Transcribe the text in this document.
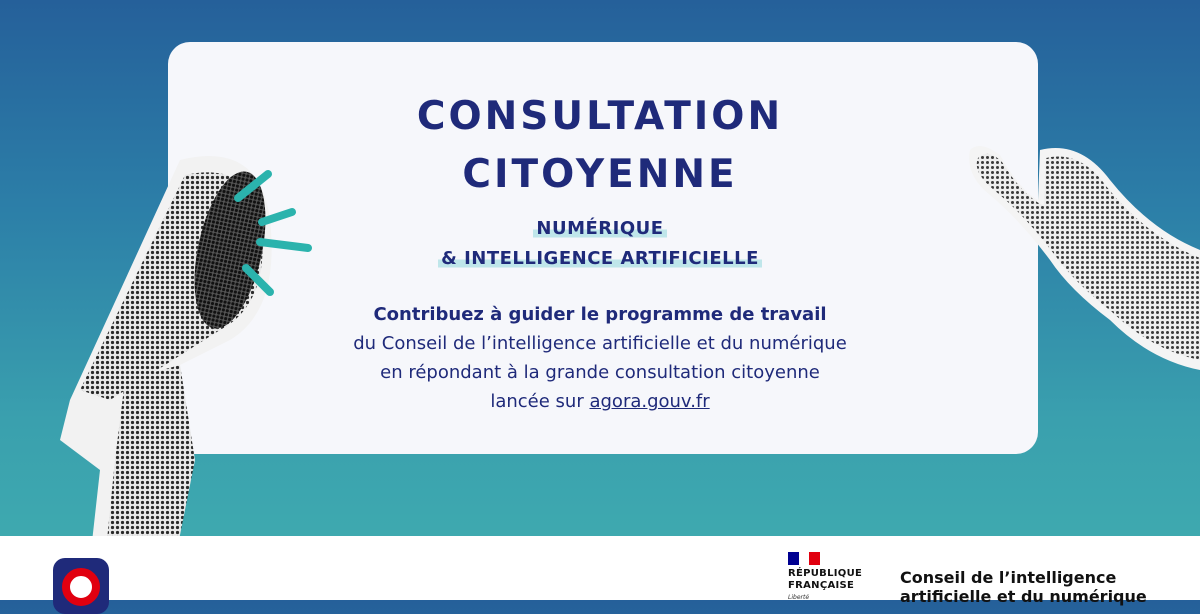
CONSULTATION
CITOYENNE
NUMÉRIQUE
& INTELLIGENCE ARTIFICIELLE
Contribuez à guider le programme de travail
du Conseil de l’intelligence artificielle et du numérique
en répondant à la grande consultation citoyenne
lancée sur agora.gouv.fr
RÉPUBLIQUE
FRANÇAISE
Liberté
Conseil de l’intelligence
artificielle et du numérique
